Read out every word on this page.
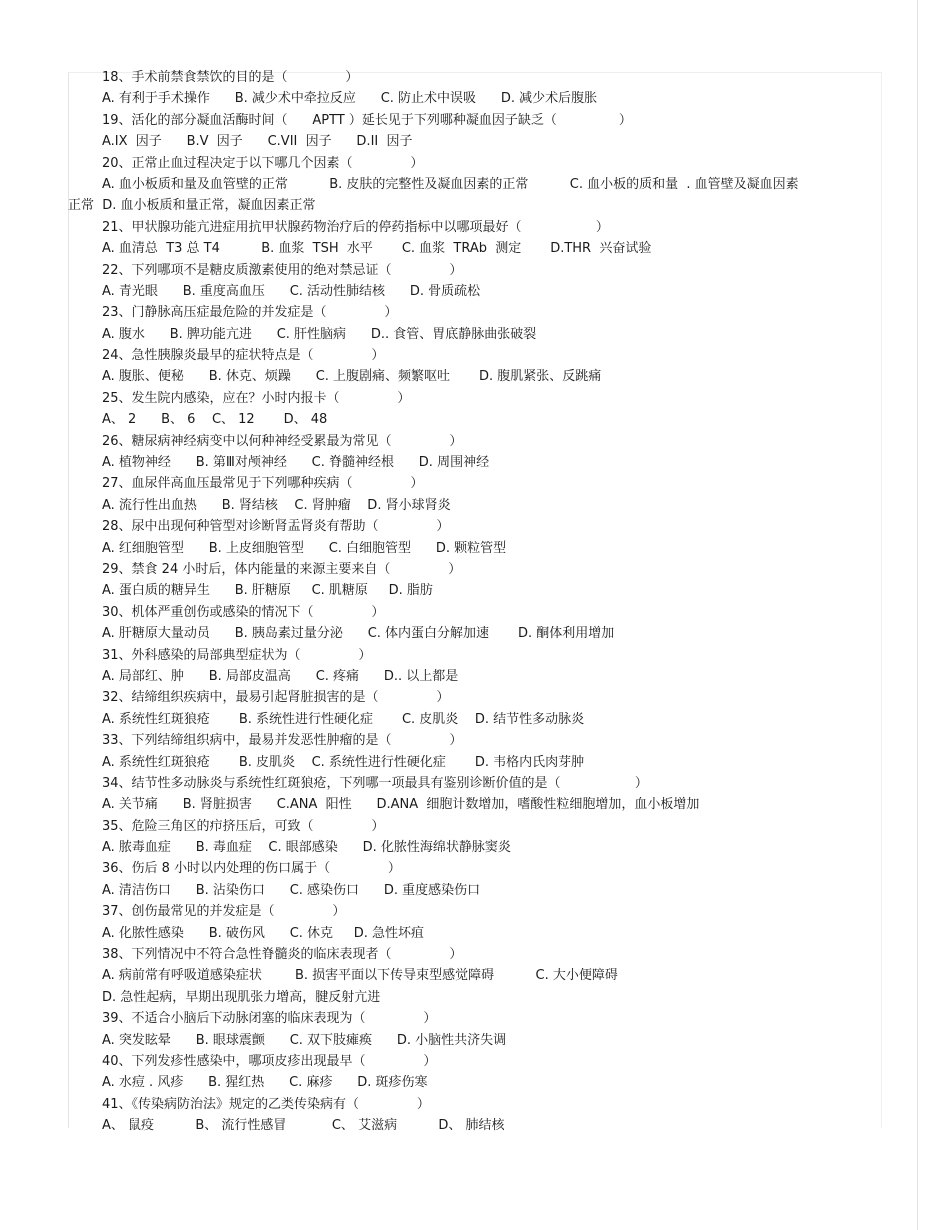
18、手术前禁食禁饮的目的是（              ）
A. 有利于手术操作      B. 减少术中牵拉反应      C. 防止术中误吸      D. 减少术后腹胀
19、活化的部分凝血活酶时间（      APTT ）延长见于下列哪种凝血因子缺乏（               ）
A.IX  因子      B.V  因子      C.VII  因子      D.II  因子
20、正常止血过程决定于以下哪几个因素（              ）
A. 血小板质和量及血管壁的正常          B. 皮肤的完整性及凝血因素的正常          C. 血小板的质和量  . 血管壁及凝血因素
正常  D. 血小板质和量正常，凝血因素正常
21、甲状腺功能亢进症用抗甲状腺药物治疗后的停药指标中以哪项最好（                  ）
A. 血清总  T3 总 T4          B. 血浆  TSH  水平       C. 血浆  TRAb  测定       D.THR  兴奋试验
22、下列哪项不是糖皮质激素使用的绝对禁忌证（              ）
A. 青光眼      B. 重度高血压      C. 活动性肺结核      D. 骨质疏松
23、门静脉高压症最危险的并发症是（              ）
A. 腹水      B. 脾功能亢进      C. 肝性脑病      D.. 食管、胃底静脉曲张破裂
24、急性胰腺炎最早的症状特点是（              ）
A. 腹胀、便秘      B. 休克、烦躁      C. 上腹剧痛、频繁呕吐       D. 腹肌紧张、反跳痛
25、发生院内感染，应在？小时内报卡（              ）
A、 2      B、 6    C、 12       D、 48
26、糖尿病神经病变中以何种神经受累最为常见（              ）
A. 植物神经      B. 第Ⅲ对颅神经      C. 脊髓神经根      D. 周围神经
27、血尿伴高血压最常见于下列哪种疾病（              ）
A. 流行性出血热      B. 肾结核    C. 肾肿瘤    D. 肾小球肾炎
28、尿中出现何种管型对诊断肾盂肾炎有帮助（              ）
A. 红细胞管型      B. 上皮细胞管型      C. 白细胞管型      D. 颗粒管型
29、禁食 24 小时后，体内能量的来源主要来自（              ）
A. 蛋白质的糖异生      B. 肝糖原     C. 肌糖原     D. 脂肪
30、机体严重创伤或感染的情况下（              ）
A. 肝糖原大量动员      B. 胰岛素过量分泌      C. 体内蛋白分解加速       D. 酮体利用增加
31、外科感染的局部典型症状为（              ）
A. 局部红、肿      B. 局部皮温高      C. 疼痛      D.. 以上都是
32、结缔组织疾病中，最易引起肾脏损害的是（              ）
A. 系统性红斑狼疮       B. 系统性进行性硬化症       C. 皮肌炎    D. 结节性多动脉炎
33、下列结缔组织病中，最易并发恶性肿瘤的是（              ）
A. 系统性红斑狼疮       B. 皮肌炎    C. 系统性进行性硬化症       D. 韦格内氏肉芽肿
34、结节性多动脉炎与系统性红斑狼疮，下列哪一项最具有鉴别诊断价值的是（                  ）
A. 关节痛      B. 肾脏损害      C.ANA  阳性      D.ANA  细胞计数增加，嗜酸性粒细胞增加，血小板增加
35、危险三角区的疖挤压后，可致（              ）
A. 脓毒血症      B. 毒血症    C. 眼部感染      D. 化脓性海绵状静脉窦炎
36、伤后 8 小时以内处理的伤口属于（              ）
A. 清洁伤口      B. 沾染伤口      C. 感染伤口      D. 重度感染伤口
37、创伤最常见的并发症是（              ）
A. 化脓性感染      B. 破伤风      C. 休克     D. 急性坏疽
38、下列情况中不符合急性脊髓炎的临床表现者（              ）
A. 病前常有呼吸道感染症状        B. 损害平面以下传导束型感觉障碍          C. 大小便障碍
D. 急性起病，早期出现肌张力增高，腱反射亢进
39、不适合小脑后下动脉闭塞的临床表现为（              ）
A. 突发眩晕      B. 眼球震颤      C. 双下肢瘫痪      D. 小脑性共济失调
40、下列发疹性感染中，哪项皮疹出现最早（              ）
A. 水痘 . 风疹      B. 猩红热      C. 麻疹      D. 斑疹伤寒
41、《传染病防治法》规定的乙类传染病有（              ）
A、 鼠疫          B、 流行性感冒           C、 艾滋病          D、 肺结核
